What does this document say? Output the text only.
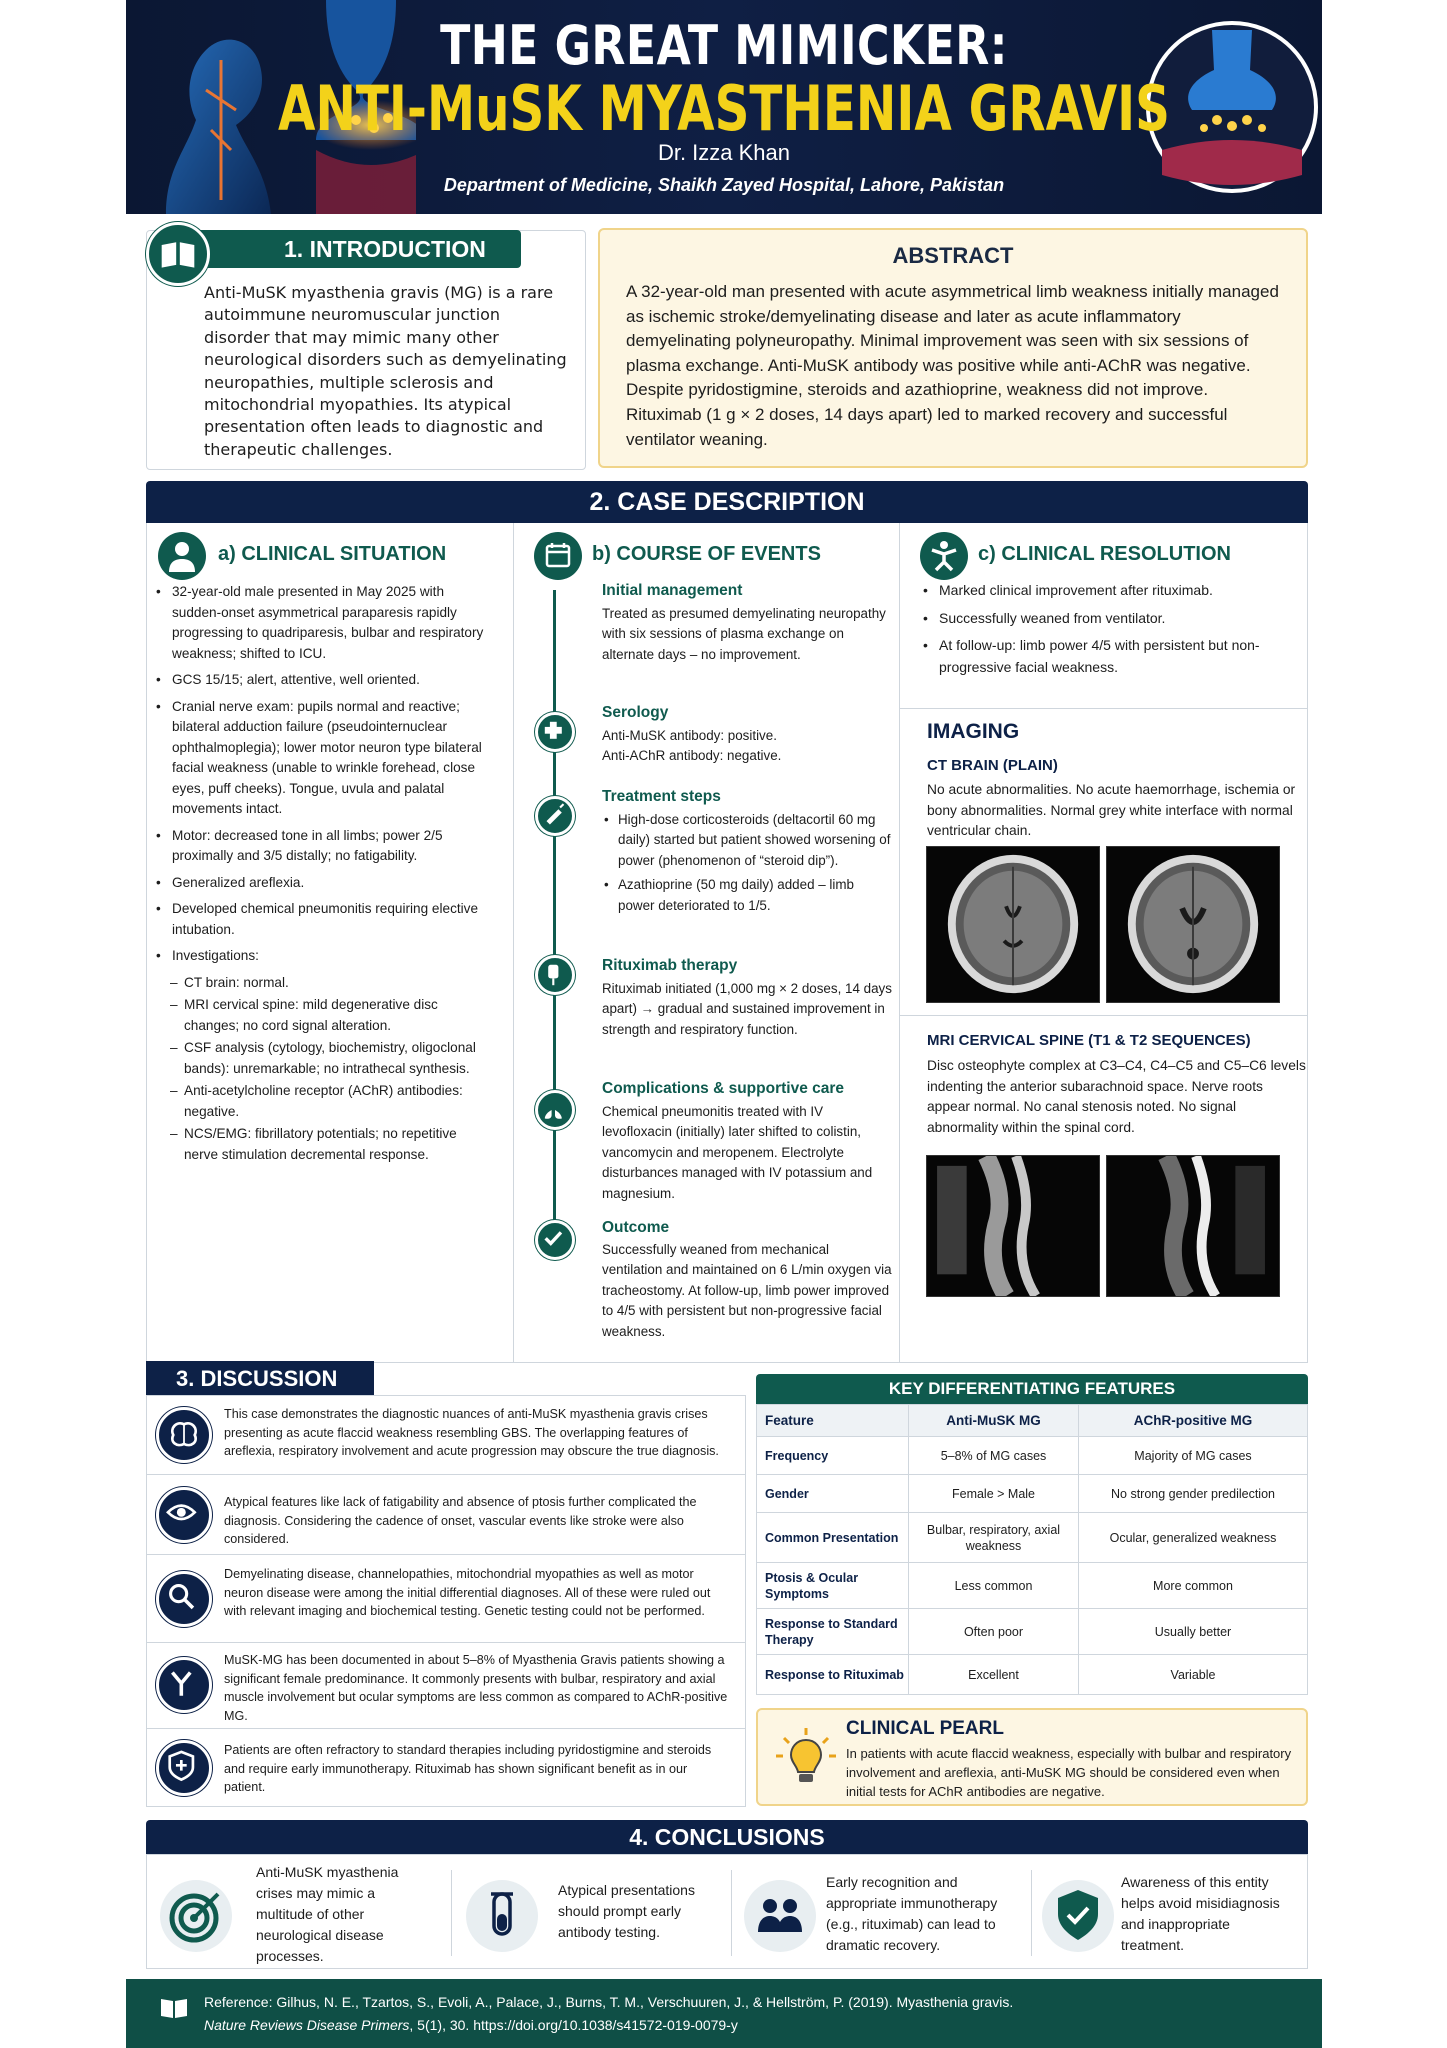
THE GREAT MIMICKER:
ANTI-MuSK MYASTHENIA GRAVIS
Dr. Izza Khan
Department of Medicine, Shaikh Zayed Hospital, Lahore, Pakistan
1. INTRODUCTION
Anti-MuSK myasthenia gravis (MG) is a rare autoimmune neuromuscular junction disorder that may mimic many other neurological disorders such as demyelinating neuropathies, multiple sclerosis and mitochondrial myopathies. Its atypical presentation often leads to diagnostic and therapeutic challenges.
ABSTRACT
A 32-year-old man presented with acute asymmetrical limb weakness initially managed as ischemic stroke/demyelinating disease and later as acute inflammatory demyelinating polyneuropathy. Minimal improvement was seen with six sessions of plasma exchange. Anti-MuSK antibody was positive while anti-AChR was negative. Despite pyridostigmine, steroids and azathioprine, weakness did not improve. Rituximab (1 g × 2 doses, 14 days apart) led to marked recovery and successful ventilator weaning.
2. CASE DESCRIPTION
a) CLINICAL SITUATION
• 32-year-old male presented in May 2025 with sudden-onset asymmetrical paraparesis rapidly progressing to quadriparesis, bulbar and respiratory weakness; shifted to ICU.
• GCS 15/15; alert, attentive, well oriented.
• Cranial nerve exam: pupils normal and reactive; bilateral adduction failure (pseudointernuclear ophthalmoplegia); lower motor neuron type bilateral facial weakness (unable to wrinkle forehead, close eyes, puff cheeks). Tongue, uvula and palatal movements intact.
• Motor: decreased tone in all limbs; power 2/5 proximally and 3/5 distally; no fatigability.
• Generalized areflexia.
• Developed chemical pneumonitis requiring elective intubation.
• Investigations:
– CT brain: normal.
– MRI cervical spine: mild degenerative disc changes; no cord signal alteration.
– CSF analysis (cytology, biochemistry, oligoclonal bands): unremarkable; no intrathecal synthesis.
– Anti-acetylcholine receptor (AChR) antibodies: negative.
– NCS/EMG: fibrillatory potentials; no repetitive nerve stimulation decremental response.
b) COURSE OF EVENTS
Initial management
Treated as presumed demyelinating neuropathy with six sessions of plasma exchange on alternate days – no improvement.
Serology
Anti-MuSK antibody: positive.
Anti-AChR antibody: negative.
Treatment steps
• High-dose corticosteroids (deltacortil 60 mg daily) started but patient showed worsening of power (phenomenon of “steroid dip”).
• Azathioprine (50 mg daily) added – limb power deteriorated to 1/5.
Rituximab therapy
Rituximab initiated (1,000 mg × 2 doses, 14 days apart) → gradual and sustained improvement in strength and respiratory function.
Complications & supportive care
Chemical pneumonitis treated with IV levofloxacin (initially) later shifted to colistin, vancomycin and meropenem. Electrolyte disturbances managed with IV potassium and magnesium.
Outcome
Successfully weaned from mechanical ventilation and maintained on 6 L/min oxygen via tracheostomy. At follow-up, limb power improved to 4/5 with persistent but non-progressive facial weakness.
c) CLINICAL RESOLUTION
• Marked clinical improvement after rituximab.
• Successfully weaned from ventilator.
• At follow-up: limb power 4/5 with persistent but non-progressive facial weakness.
IMAGING
CT BRAIN (PLAIN)
No acute abnormalities. No acute haemorrhage, ischemia or bony abnormalities. Normal grey white interface with normal ventricular chain.
MRI CERVICAL SPINE (T1 & T2 SEQUENCES)
Disc osteophyte complex at C3–C4, C4–C5 and C5–C6 levels indenting the anterior subarachnoid space. Nerve roots appear normal. No canal stenosis noted. No signal abnormality within the spinal cord.
3. DISCUSSION
This case demonstrates the diagnostic nuances of anti-MuSK myasthenia gravis crises presenting as acute flaccid weakness resembling GBS. The overlapping features of areflexia, respiratory involvement and acute progression may obscure the true diagnosis.
Atypical features like lack of fatigability and absence of ptosis further complicated the diagnosis. Considering the cadence of onset, vascular events like stroke were also considered.
Demyelinating disease, channelopathies, mitochondrial myopathies as well as motor neuron disease were among the initial differential diagnoses. All of these were ruled out with relevant imaging and biochemical testing. Genetic testing could not be performed.
MuSK-MG has been documented in about 5–8% of Myasthenia Gravis patients showing a significant female predominance. It commonly presents with bulbar, respiratory and axial muscle involvement but ocular symptoms are less common as compared to AChR-positive MG.
Patients are often refractory to standard therapies including pyridostigmine and steroids and require early immunotherapy. Rituximab has shown significant benefit as in our patient.
KEY DIFFERENTIATING FEATURES
Feature	Anti-MuSK MG	AChR-positive MG
Frequency	5–8% of MG cases	Majority of MG cases
Gender	Female > Male	No strong gender predilection
Common Presentation	Bulbar, respiratory, axial weakness	Ocular, generalized weakness
Ptosis & Ocular Symptoms	Less common	More common
Response to Standard Therapy	Often poor	Usually better
Response to Rituximab	Excellent	Variable
CLINICAL PEARL
In patients with acute flaccid weakness, especially with bulbar and respiratory involvement and areflexia, anti-MuSK MG should be considered even when initial tests for AChR antibodies are negative.
4. CONCLUSIONS
Anti-MuSK myasthenia crises may mimic a multitude of other neurological disease processes.
Atypical presentations should prompt early antibody testing.
Early recognition and appropriate immunotherapy (e.g., rituximab) can lead to dramatic recovery.
Awareness of this entity helps avoid misidiagnosis and inappropriate treatment.
Reference: Gilhus, N. E., Tzartos, S., Evoli, A., Palace, J., Burns, T. M., Verschuuren, J., & Hellström, P. (2019). Myasthenia gravis.
Nature Reviews Disease Primers, 5(1), 30. https://doi.org/10.1038/s41572-019-0079-y
